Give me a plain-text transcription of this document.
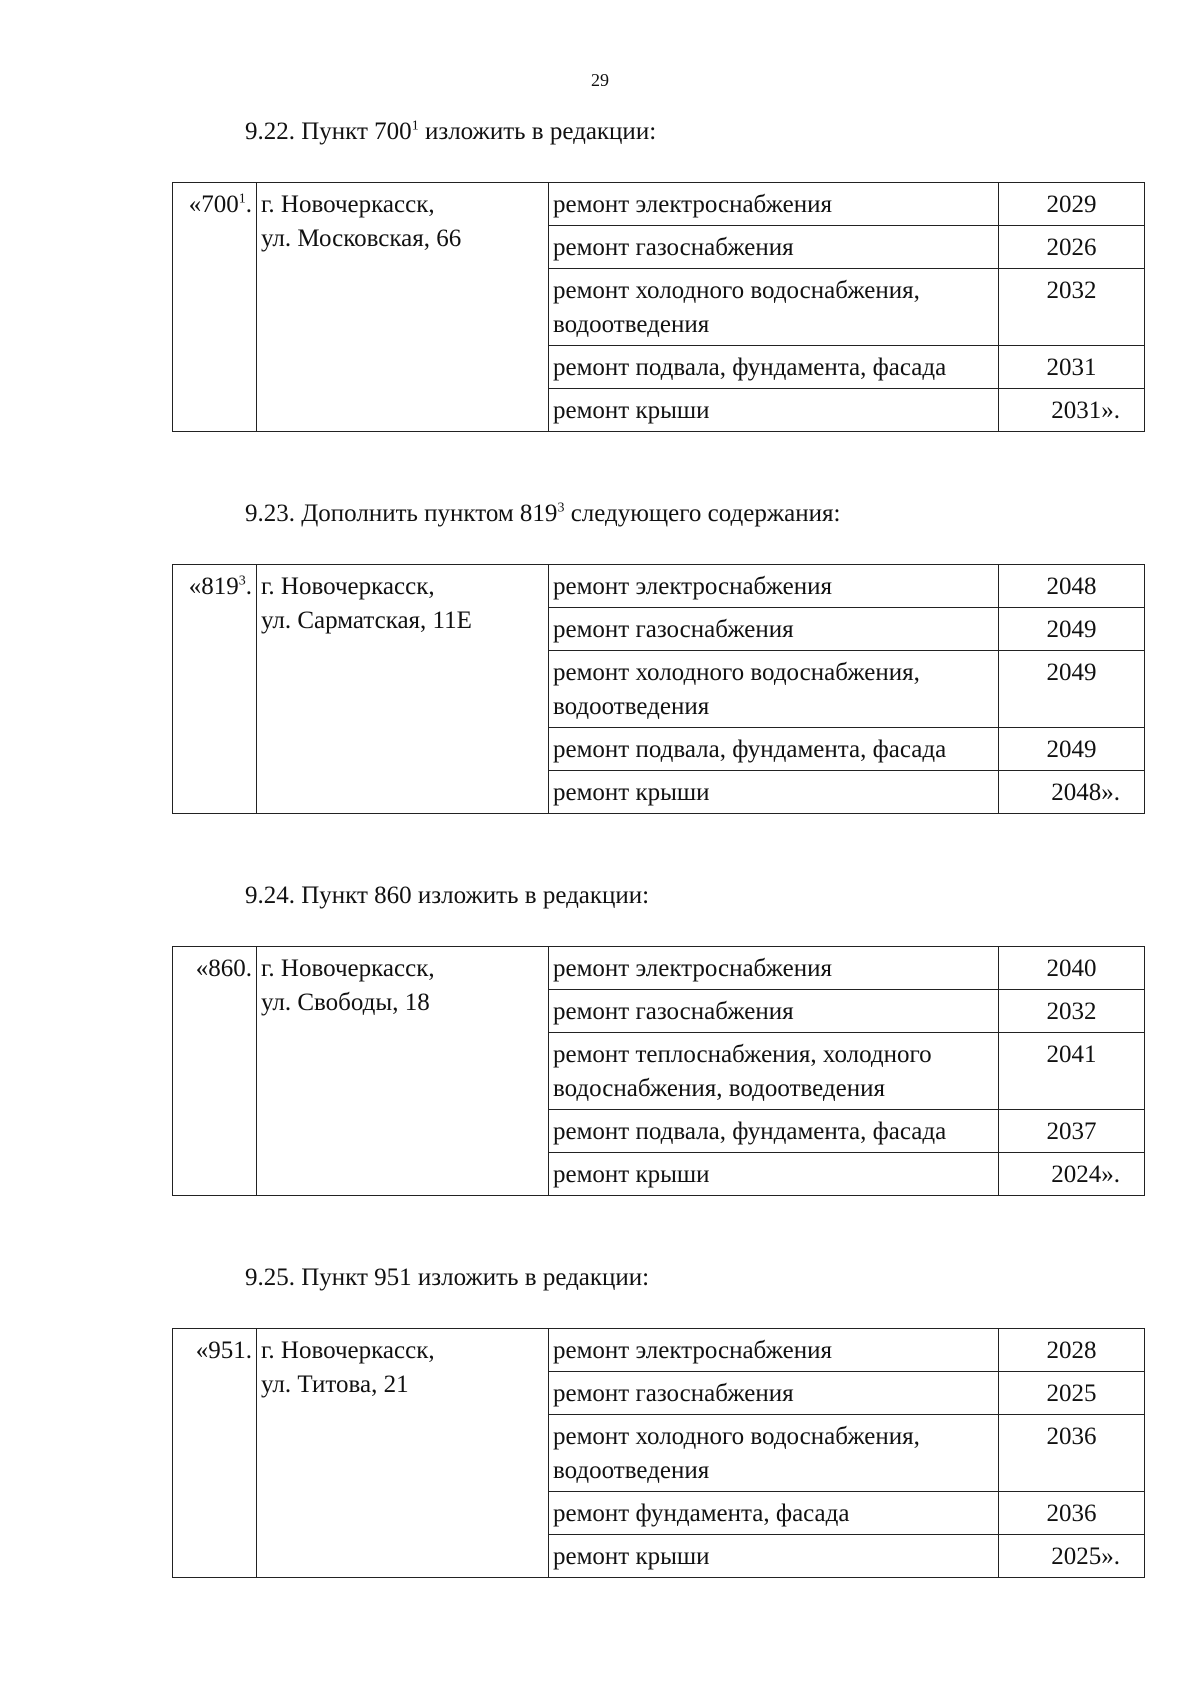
29
9.22. Пункт $700^1$ изложить в редакции:
«$700^1$.	г. Новочеркасск,
ул. Московская, 66	ремонт электроснабжения	2029
		ремонт газоснабжения	2026
		ремонт холодного водоснабжения, водоотведения	2032
		ремонт подвала, фундамента, фасада	2031
		ремонт крыши	2031».
9.23. Дополнить пунктом $819^3$ следующего содержания:
«$819^3$.	г. Новочеркасск,
ул. Сарматская, 11Е	ремонт электроснабжения	2048
		ремонт газоснабжения	2049
		ремонт холодного водоснабжения, водоотведения	2049
		ремонт подвала, фундамента, фасада	2049
		ремонт крыши	2048».
9.24. Пункт 860 изложить в редакции:
«860.	г. Новочеркасск,
ул. Свободы, 18	ремонт электроснабжения	2040
		ремонт газоснабжения	2032
		ремонт теплоснабжения, холодного водоснабжения, водоотведения	2041
		ремонт подвала, фундамента, фасада	2037
		ремонт крыши	2024».
9.25. Пункт 951 изложить в редакции:
«951.	г. Новочеркасск,
ул. Титова, 21	ремонт электроснабжения	2028
		ремонт газоснабжения	2025
		ремонт холодного водоснабжения, водоотведения	2036
		ремонт фундамента, фасада	2036
		ремонт крыши	2025».
